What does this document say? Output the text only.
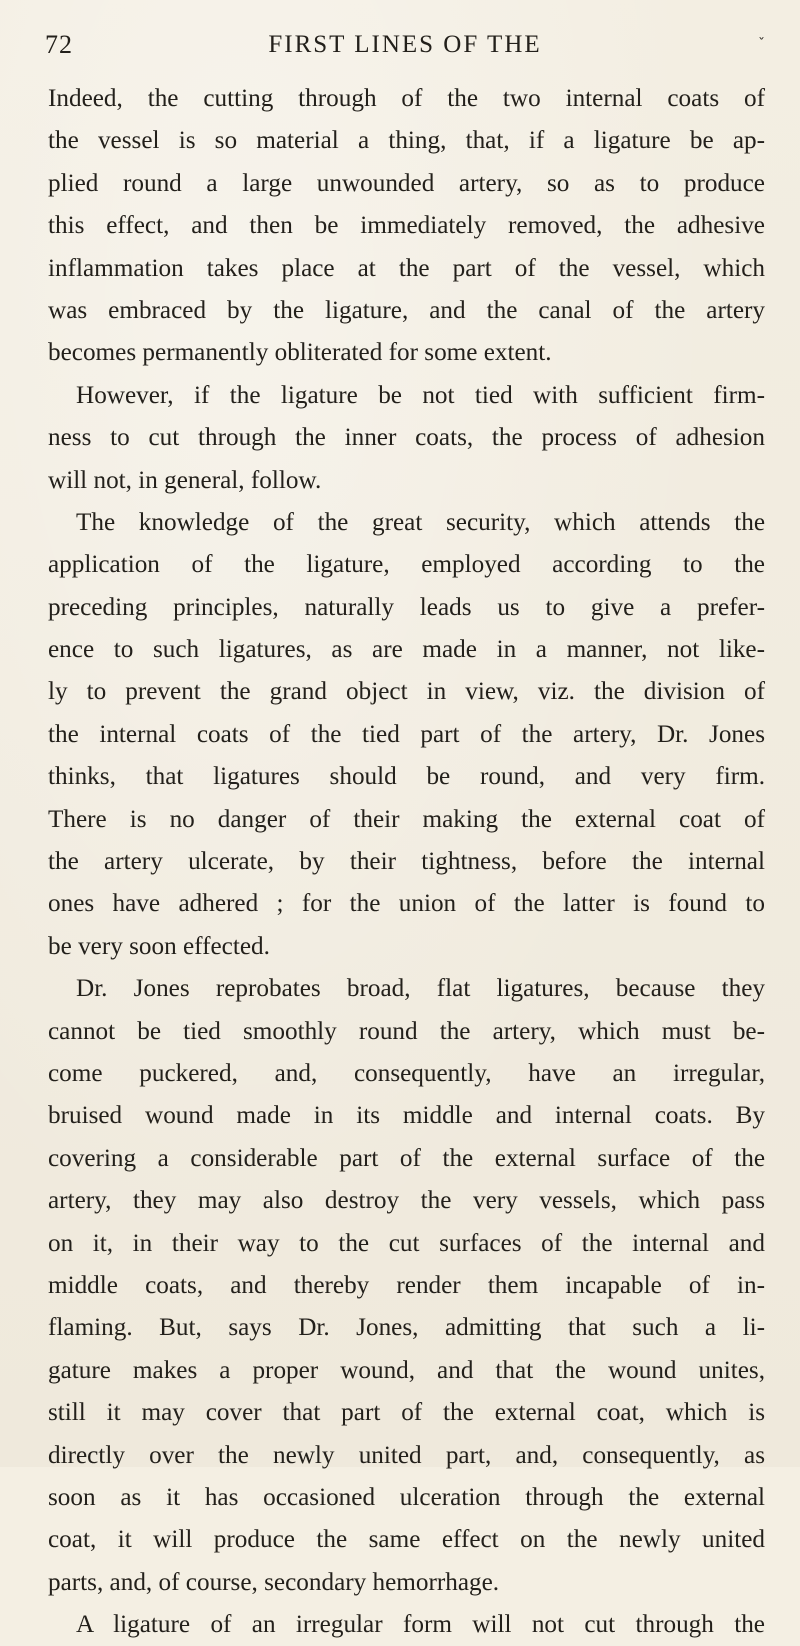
72	FIRST LINES OF THE	ˇ
Indeed, the cutting through of the two internal coats of
the vessel is so material a thing, that, if a ligature be ap-
plied round a large unwounded artery, so as to produce
this effect, and then be immediately removed, the adhesive
inflammation takes place at the part of the vessel, which
was embraced by the ligature, and the canal of the artery
becomes permanently obliterated for some extent.
However, if the ligature be not tied with sufficient firm-
ness to cut through the inner coats, the process of adhesion
will not, in general, follow.
The knowledge of the great security, which attends the
application of the ligature, employed according to the
preceding principles, naturally leads us to give a prefer-
ence to such ligatures, as are made in a manner, not like-
ly to prevent the grand object in view, viz. the division of
the internal coats of the tied part of the artery, Dr. Jones
thinks, that ligatures should be round, and very firm.
There is no danger of their making the external coat of
the artery ulcerate, by their tightness, before the internal
ones have adhered ; for the union of the latter is found to
be very soon effected.
Dr. Jones reprobates broad, flat ligatures, because they
cannot be tied smoothly round the artery, which must be-
come puckered, and, consequently, have an irregular,
bruised wound made in its middle and internal coats. By
covering a considerable part of the external surface of the
artery, they may also destroy the very vessels, which pass
on it, in their way to the cut surfaces of the internal and
middle coats, and thereby render them incapable of in-
flaming. But, says Dr. Jones, admitting that such a li-
gature makes a proper wound, and that the wound unites,
still it may cover that part of the external coat, which is
directly over the newly united part, and, consequently, as
soon as it has occasioned ulceration through the external
coat, it will produce the same effect on the newly united
parts, and, of course, secondary hemorrhage.
A ligature of an irregular form will not cut through the
